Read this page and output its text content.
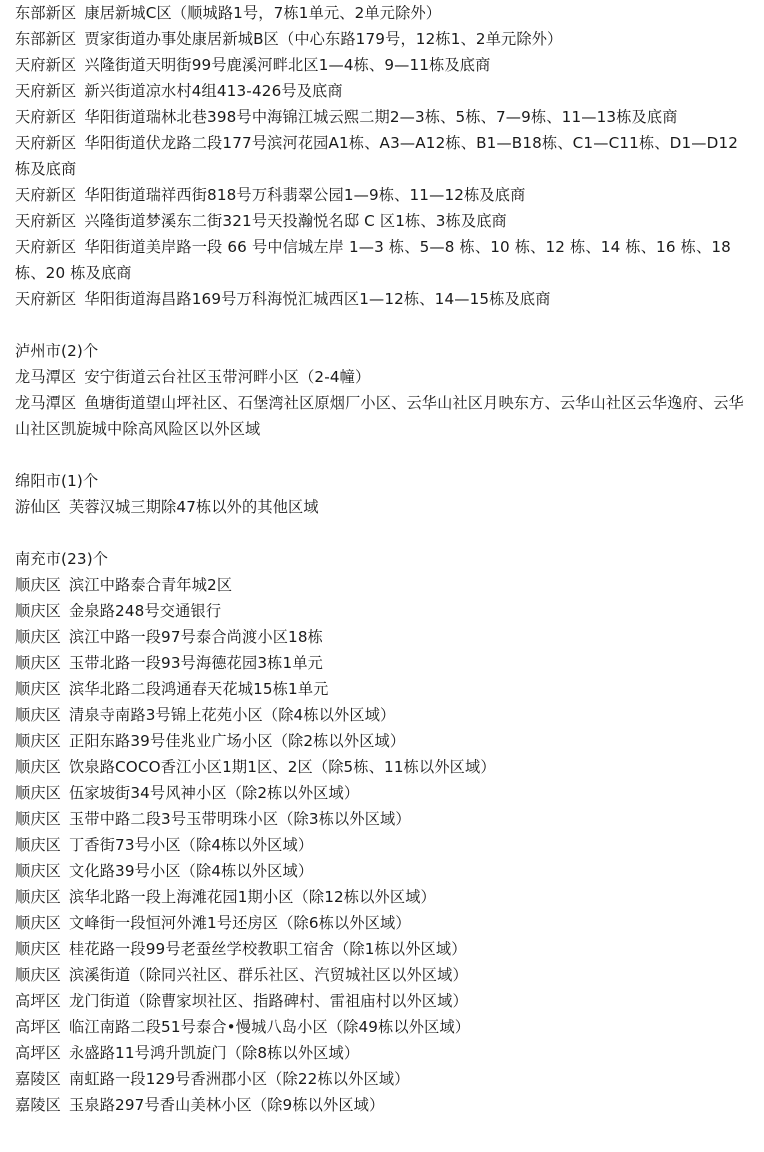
东部新区 康居新城C区（顺城路1号，7栋1单元、2单元除外）
东部新区 贾家街道办事处康居新城B区（中心东路179号，12栋1、2单元除外）
天府新区 兴隆街道天明街99号鹿溪河畔北区1—4栋、9—11栋及底商
天府新区 新兴街道凉水村4组413-426号及底商
天府新区 华阳街道瑞林北巷398号中海锦江城云熙二期2—3栋、5栋、7—9栋、11—13栋及底商
天府新区 华阳街道伏龙路二段177号滨河花园A1栋、A3—A12栋、B1—B18栋、C1—C11栋、D1—D12栋及底商
天府新区 华阳街道瑞祥西街818号万科翡翠公园1—9栋、11—12栋及底商
天府新区 兴隆街道梦溪东二街321号天投瀚悦名邸 C 区1栋、3栋及底商
天府新区 华阳街道美岸路一段 66 号中信城左岸 1—3 栋、5—8 栋、10 栋、12 栋、14 栋、16 栋、18 栋、20 栋及底商
天府新区 华阳街道海昌路169号万科海悦汇城西区1—12栋、14—15栋及底商
泸州市(2)个
龙马潭区 安宁街道云台社区玉带河畔小区（2-4幢）
龙马潭区 鱼塘街道望山坪社区、石堡湾社区原烟厂小区、云华山社区月映东方、云华山社区云华逸府、云华山社区凯旋城中除高风险区以外区域
绵阳市(1)个
游仙区 芙蓉汉城三期除47栋以外的其他区域
南充市(23)个
顺庆区 滨江中路泰合青年城2区
顺庆区 金泉路248号交通银行
顺庆区 滨江中路一段97号泰合尚渡小区18栋
顺庆区 玉带北路一段93号海德花园3栋1单元
顺庆区 滨华北路二段鸿通春天花城15栋1单元
顺庆区 清泉寺南路3号锦上花苑小区（除4栋以外区域）
顺庆区 正阳东路39号佳兆业广场小区（除2栋以外区域）
顺庆区 饮泉路COCO香江小区1期1区、2区（除5栋、11栋以外区域）
顺庆区 伍家坡街34号风神小区（除2栋以外区域）
顺庆区 玉带中路二段3号玉带明珠小区（除3栋以外区域）
顺庆区 丁香街73号小区（除4栋以外区域）
顺庆区 文化路39号小区（除4栋以外区域）
顺庆区 滨华北路一段上海滩花园1期小区（除12栋以外区域）
顺庆区 文峰街一段恒河外滩1号还房区（除6栋以外区域）
顺庆区 桂花路一段99号老蚕丝学校教职工宿舍（除1栋以外区域）
顺庆区 滨溪街道（除同兴社区、群乐社区、汽贸城社区以外区域）
高坪区 龙门街道（除曹家坝社区、指路碑村、雷祖庙村以外区域）
高坪区 临江南路二段51号泰合•慢城八岛小区（除49栋以外区域）
高坪区 永盛路11号鸿升凯旋门（除8栋以外区域）
嘉陵区 南虹路一段129号香洲郡小区（除22栋以外区域）
嘉陵区 玉泉路297号香山美林小区（除9栋以外区域）
